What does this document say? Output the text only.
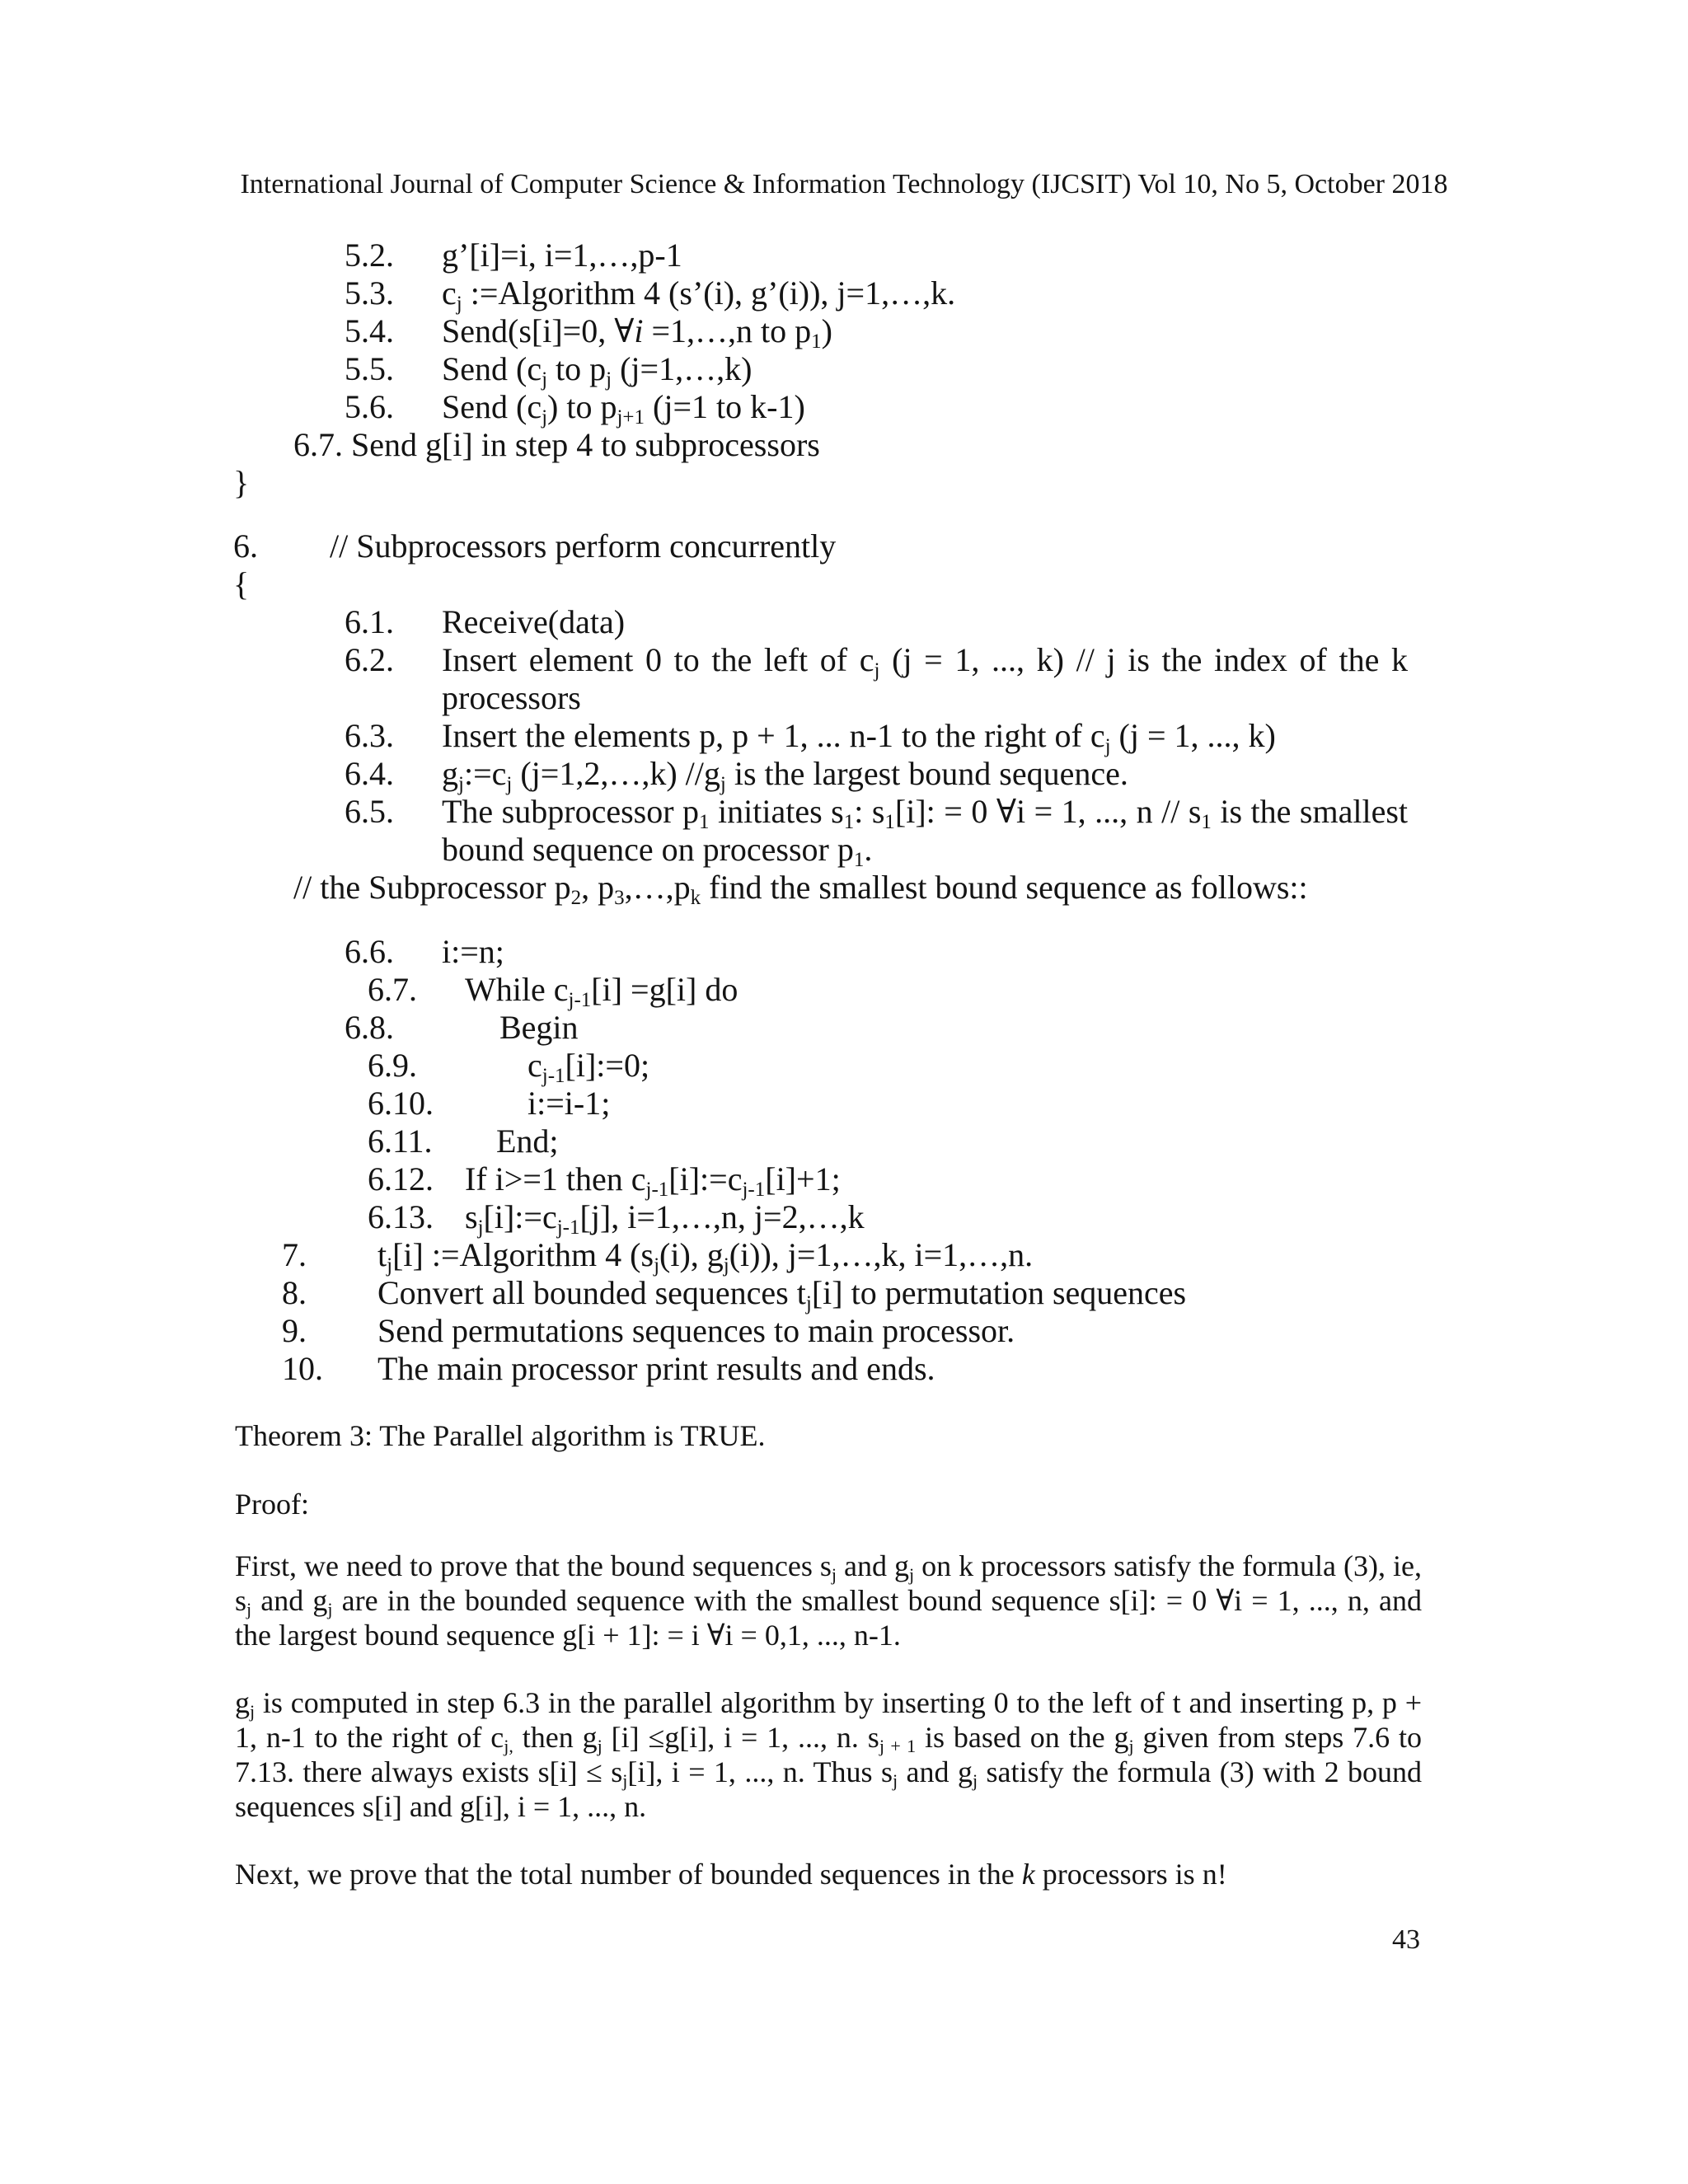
International Journal of Computer Science & Information Technology (IJCSIT) Vol 10, No 5, October 2018
5.2. g’[i]=i, i=1,…,p-1
5.3. $c_j$ :=Algorithm 4 (s’(i), g’(i)), j=1,…,k.
5.4. Send(s[i]=0, ∀i =1,…,n to $p_1$)
5.5. Send ($c_j$ to $p_j$ (j=1,…,k)
5.6. Send $(c_j)$ to $p_{j+1}$ (j=1 to k-1)
6.7. Send g[i] in step 4 to subprocessors
}
6. // Subprocessors perform concurrently
{
6.1. Receive(data)
6.2. Insert element 0 to the left of $c_j$ (j = 1, ..., k) // j is the index of the k
processors
6.3. Insert the elements p, p + 1, ... n-1 to the right of $c_j$ (j = 1, ..., k)
6.4. $g_j:=c_j$ (j=1,2,…,k) $//g_j$ is the largest bound sequence.
6.5. The subprocessor $p_1$ initiates $s_1$: $s_1[i]$: = 0 ∀i = 1, ..., n // $s_1$ is the smallest
bound sequence on processor $p_1$.
// the Subprocessor $p_2$, $p_3,\dots,p_k$ find the smallest bound sequence as follows::
6.6. i:=n;
6.7. While $c_{j-1}[i] =g[i]$ do
6.8.	Begin
6.9.	$c_{j-1}[i]:=0$;
6.10.	i:=i-1;
6.11. End;
6.12. If i>=1 then $c_{j-1}[i]:=c_{j-1}[i]+1$;
6.13. $s_j[i]:=c_{j-1}[j]$, i=1,…,n, j=2,…,k
7. $t_j[i]$ :=Algorithm 4 ($s_j(i)$, $g_j(i)$), j=1,…,k, i=1,…,n.
8. Convert all bounded sequences $t_j[i]$ to permutation sequences
9. Send permutations sequences to main processor.
10. The main processor print results and ends.
Theorem 3: The Parallel algorithm is TRUE.
Proof:
First, we need to prove that the bound sequences $s_j$ and $g_j$ on k processors satisfy the formula (3), ie, $s_j$ and $g_j$ are in the bounded sequence with the smallest bound sequence s[i]: = 0 ∀i = 1, ..., n, and the largest bound sequence g[i + 1]: = i ∀i = 0,1, ..., n-1.
$g_j$ is computed in step 6.3 in the parallel algorithm by inserting 0 to the left of t and inserting p, p + 1, n-1 to the right of $c_{j,}$ then $g_j$ [i] ≤g[i], i = 1, ..., n. $s_{j + 1}$ is based on the $g_j$ given from steps 7.6 to 7.13. there always exists $s[i] \le s_j[i]$, i = 1, ..., n. Thus $s_j$ and $g_j$ satisfy the formula (3) with 2 bound sequences s[i] and g[i], i = 1, ..., n.
Next, we prove that the total number of bounded sequences in the k processors is n!
43
